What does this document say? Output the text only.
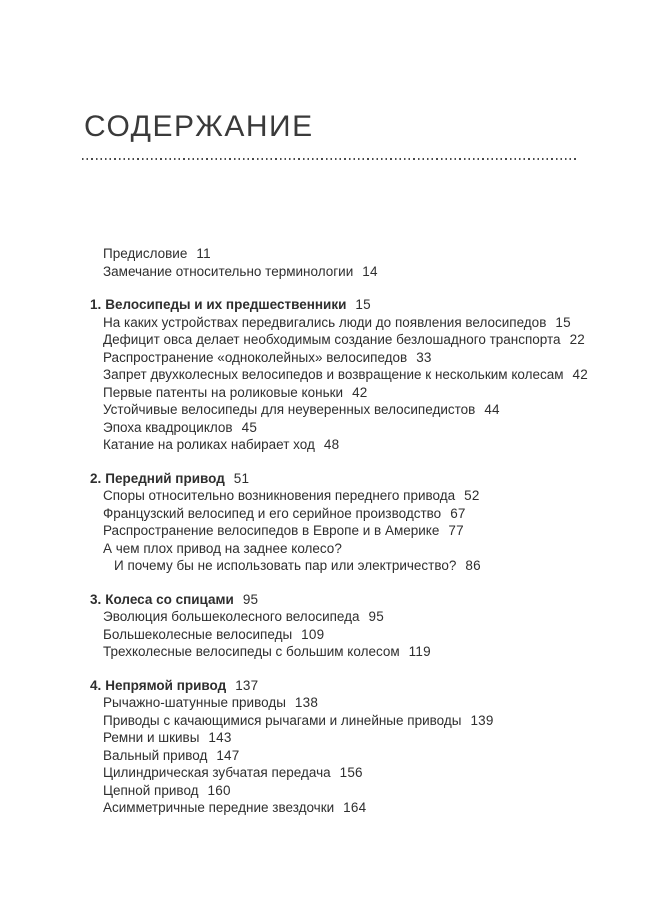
СОДЕРЖАНИЕ
Предисловие 11
Замечание относительно терминологии 14
1. Велосипеды и их предшественники 15
На каких устройствах передвигались люди до появления велосипедов 15
Дефицит овса делает необходимым создание безлошадного транспорта 22
Распространение «одноколейных» велосипедов 33
Запрет двухколесных велосипедов и возвращение к нескольким колесам 42
Первые патенты на роликовые коньки 42
Устойчивые велосипеды для неуверенных велосипедистов 44
Эпоха квадроциклов 45
Катание на роликах набирает ход 48
2. Передний привод 51
Споры относительно возникновения переднего привода 52
Французский велосипед и его серийное производство 67
Распространение велосипедов в Европе и в Америке 77
А чем плох привод на заднее колесо?
И почему бы не использовать пар или электричество? 86
3. Колеса со спицами 95
Эволюция большеколесного велосипеда 95
Большеколесные велосипеды 109
Трехколесные велосипеды с большим колесом 119
4. Непрямой привод 137
Рычажно-шатунные приводы 138
Приводы с качающимися рычагами и линейные приводы 139
Ремни и шкивы 143
Вальный привод 147
Цилиндрическая зубчатая передача 156
Цепной привод 160
Асимметричные передние звездочки 164
